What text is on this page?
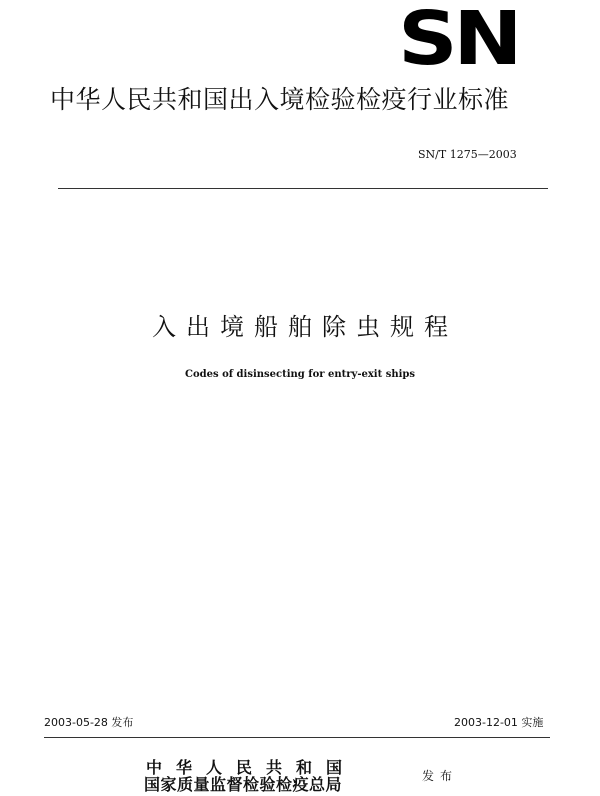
SN
中华人民共和国出入境检验检疫行业标准
SN/T 1275—2003
入出境船舶除虫规程
Codes of disinsecting for entry-exit ships
2003-05-28 发布	2003-12-01 实施
中华人民共和国
国家质量监督检验检疫总局	发布
